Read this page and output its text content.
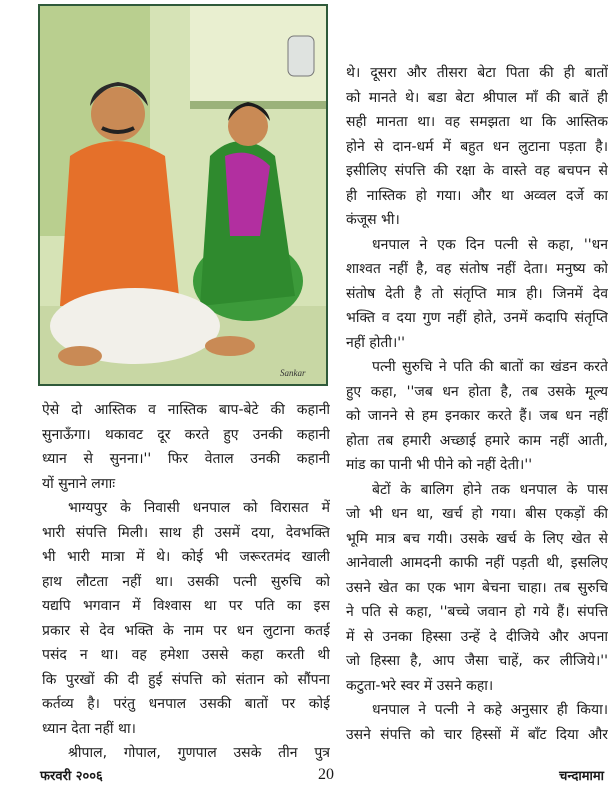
Sankar
ऐसे दो आस्तिक व नास्तिक बाप-बेटे की कहानी
सुनाऊँगा। थकावट दूर करते हुए उनकी कहानी
ध्यान से सुनना।'' फिर वेताल उनकी कहानी
यों सुनाने लगाः
भाग्यपुर के निवासी धनपाल को विरासत में
भारी संपत्ति मिली। साथ ही उसमें दया, देवभक्ति
भी भारी मात्रा में थे। कोई भी जरूरतमंद खाली
हाथ लौटता नहीं था। उसकी पत्नी सुरुचि को
यद्यपि भगवान में विश्वास था पर पति का इस
प्रकार से देव भक्ति के नाम पर धन लुटाना कतई
पसंद न था। वह हमेशा उससे कहा करती थी
कि पुरखों की दी हुई संपत्ति को संतान को सौंपना
कर्तव्य है। परंतु धनपाल उसकी बातों पर कोई
ध्यान देता नहीं था।
श्रीपाल, गोपाल, गुणपाल उसके तीन पुत्र
थे। दूसरा और तीसरा बेटा पिता की ही बातों
को मानते थे। बडा बेटा श्रीपाल माँ की बातें ही
सही मानता था। वह समझता था कि आस्तिक
होने से दान-धर्म में बहुत धन लुटाना पड़ता है।
इसीलिए संपत्ति की रक्षा के वास्ते वह बचपन से
ही नास्तिक हो गया। और था अव्वल दर्जे का
कंजूस भी।
धनपाल ने एक दिन पत्नी से कहा, ''धन
शाश्वत नहीं है, वह संतोष नहीं देता। मनुष्य को
संतोष देती है तो संतृप्ति मात्र ही। जिनमें देव
भक्ति व दया गुण नहीं होते, उनमें कदापि संतृप्ति
नहीं होती।''
पत्नी सुरुचि ने पति की बातों का खंडन करते
हुए कहा, ''जब धन होता है, तब उसके मूल्य
को जानने से हम इनकार करते हैं। जब धन नहीं
होता तब हमारी अच्छाई हमारे काम नहीं आती,
मांड का पानी भी पीने को नहीं देती।''
बेटों के बालिग होने तक धनपाल के पास
जो भी धन था, खर्च हो गया। बीस एकड़ों की
भूमि मात्र बच गयी। उसके खर्च के लिए खेत से
आनेवाली आमदनी काफी नहीं पड़ती थी, इसलिए
उसने खेत का एक भाग बेचना चाहा। तब सुरुचि
ने पति से कहा, ''बच्चे जवान हो गये हैं। संपत्ति
में से उनका हिस्सा उन्हें दे दीजिये और अपना
जो हिस्सा है, आप जैसा चाहें, कर लीजिये।''
कटुता-भरे स्वर में उसने कहा।
धनपाल ने पत्नी ने कहे अनुसार ही किया।
उसने संपत्ति को चार हिस्सों में बाँट दिया और
फरवरी २००६	20	चन्दामामा
